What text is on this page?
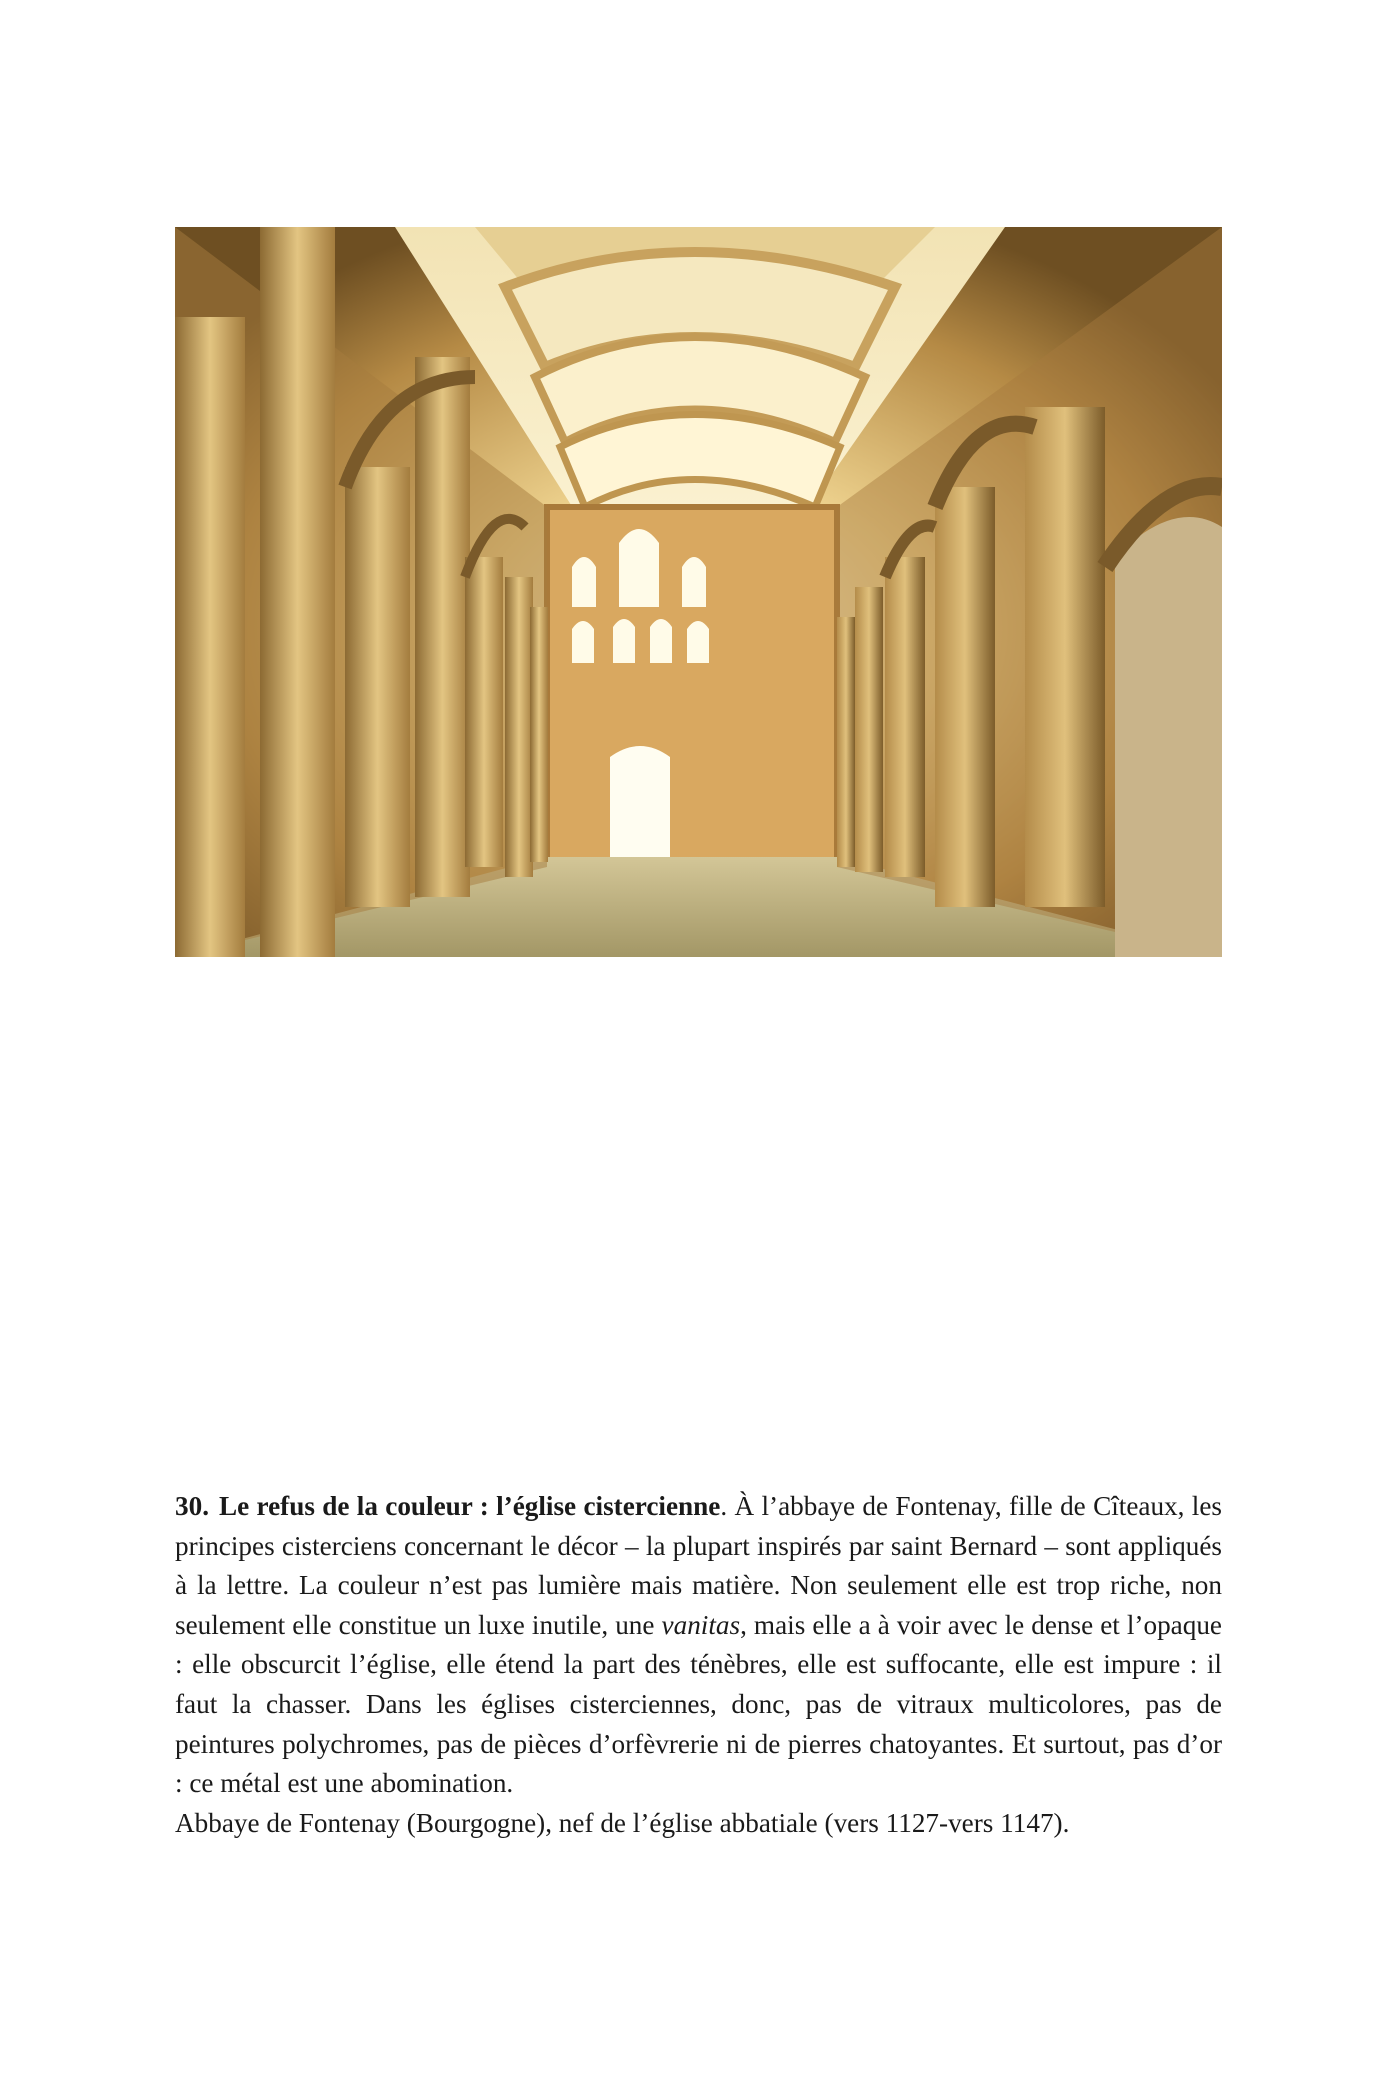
30. Le refus de la couleur : l’église cistercienne. À l’abbaye de Fontenay, fille de Cîteaux, les principes cisterciens concernant le décor – la plupart inspirés par saint Bernard – sont appliqués à la lettre. La couleur n’est pas lumière mais matière. Non seulement elle est trop riche, non seulement elle constitue un luxe inutile, une vanitas, mais elle a à voir avec le dense et l’opaque : elle obscurcit l’église, elle étend la part des ténèbres, elle est suffocante, elle est impure : il faut la chasser. Dans les églises cisterciennes, donc, pas de vitraux multicolores, pas de peintures polychromes, pas de pièces d’orfèvrerie ni de pierres chatoyantes. Et surtout, pas d’or : ce métal est une abomination.

Abbaye de Fontenay (Bourgogne), nef de l’église abbatiale (vers 1127-vers 1147).
